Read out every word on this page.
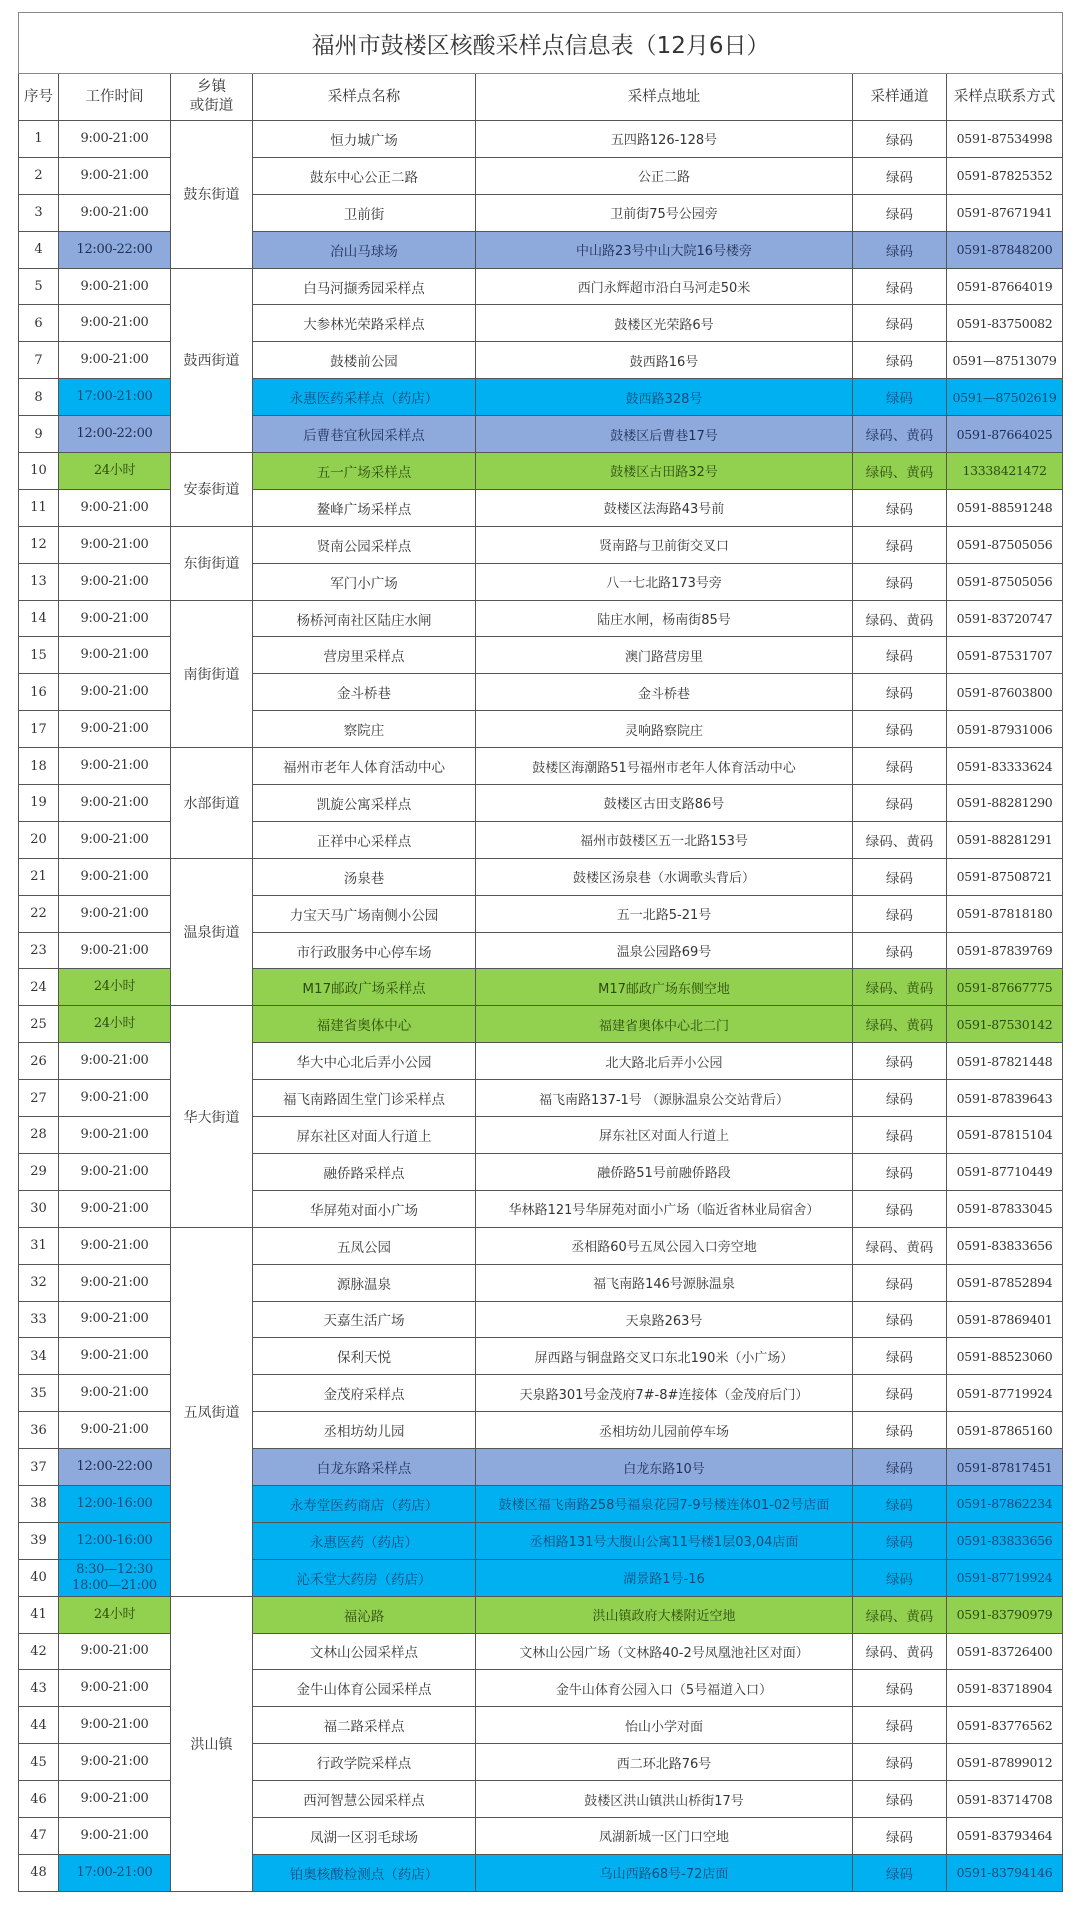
福州市鼓楼区核酸采样点信息表（12月6日）						
序号	工作时间	乡镇
或街道	采样点名称	采样点地址	采样通道	采样点联系方式
1	9:00-21:00	鼓东街道	恒力城广场	五四路126-128号	绿码	0591-87534998
2	9:00-21:00		鼓东中心公正二路	公正二路	绿码	0591-87825352
3	9:00-21:00		卫前街	卫前街75号公园旁	绿码	0591-87671941
4	12:00-22:00		冶山马球场	中山路23号中山大院16号楼旁	绿码	0591-87848200
5	9:00-21:00	鼓西街道	白马河撷秀园采样点	西门永辉超市沿白马河走50米	绿码	0591-87664019
6	9:00-21:00		大参林光荣路采样点	鼓楼区光荣路6号	绿码	0591-83750082
7	9:00-21:00		鼓楼前公园	鼓西路16号	绿码	0591—87513079
8	17:00-21:00		永惠医药采样点（药店）	鼓西路328号	绿码	0591—87502619
9	12:00-22:00		后曹巷宜秋园采样点	鼓楼区后曹巷17号	绿码、黄码	0591-87664025
10	24小时	安泰街道	五一广场采样点	鼓楼区古田路32号	绿码、黄码	13338421472
11	9:00-21:00		鳌峰广场采样点	鼓楼区法海路43号前	绿码	0591-88591248
12	9:00-21:00	东街街道	贤南公园采样点	贤南路与卫前街交叉口	绿码	0591-87505056
13	9:00-21:00		军门小广场	八一七北路173号旁	绿码	0591-87505056
14	9:00-21:00	南街街道	杨桥河南社区陆庄水闸	陆庄水闸，杨南街85号	绿码、黄码	0591-83720747
15	9:00-21:00		营房里采样点	澳门路营房里	绿码	0591-87531707
16	9:00-21:00		金斗桥巷	金斗桥巷	绿码	0591-87603800
17	9:00-21:00		察院庄	灵响路察院庄	绿码	0591-87931006
18	9:00-21:00	水部街道	福州市老年人体育活动中心	鼓楼区海潮路51号福州市老年人体育活动中心	绿码	0591-83333624
19	9:00-21:00		凯旋公寓采样点	鼓楼区古田支路86号	绿码	0591-88281290
20	9:00-21:00		正祥中心采样点	福州市鼓楼区五一北路153号	绿码、黄码	0591-88281291
21	9:00-21:00	温泉街道	汤泉巷	鼓楼区汤泉巷（水调歌头背后）	绿码	0591-87508721
22	9:00-21:00		力宝天马广场南侧小公园	五一北路5-21号	绿码	0591-87818180
23	9:00-21:00		市行政服务中心停车场	温泉公园路69号	绿码	0591-87839769
24	24小时		M17邮政广场采样点	M17邮政广场东侧空地	绿码、黄码	0591-87667775
25	24小时	华大街道	福建省奥体中心	福建省奥体中心北二门	绿码、黄码	0591-87530142
26	9:00-21:00		华大中心北后弄小公园	北大路北后弄小公园	绿码	0591-87821448
27	9:00-21:00		福飞南路固生堂门诊采样点	福飞南路137-1号 （源脉温泉公交站背后）	绿码	0591-87839643
28	9:00-21:00		屏东社区对面人行道上	屏东社区对面人行道上	绿码	0591-87815104
29	9:00-21:00		融侨路采样点	融侨路51号前融侨路段	绿码	0591-87710449
30	9:00-21:00		华屏苑对面小广场	华林路121号华屏苑对面小广场（临近省林业局宿舍）	绿码	0591-87833045
31	9:00-21:00	五凤街道	五凤公园	丞相路60号五凤公园入口旁空地	绿码、黄码	0591-83833656
32	9:00-21:00		源脉温泉	福飞南路146号源脉温泉	绿码	0591-87852894
33	9:00-21:00		天嘉生活广场	天泉路263号	绿码	0591-87869401
34	9:00-21:00		保利天悦	屏西路与铜盘路交叉口东北190米（小广场）	绿码	0591-88523060
35	9:00-21:00		金茂府采样点	天泉路301号金茂府7#-8#连接体（金茂府后门）	绿码	0591-87719924
36	9:00-21:00		丞相坊幼儿园	丞相坊幼儿园前停车场	绿码	0591-87865160
37	12:00-22:00		白龙东路采样点	白龙东路10号	绿码	0591-87817451
38	12:00-16:00		永寿堂医药商店（药店）	鼓楼区福飞南路258号福泉花园7-9号楼连体01-02号店面	绿码	0591-87862234
39	12:00-16:00		永惠医药（药店）	丞相路131号大腹山公寓11号楼1层03,04店面	绿码	0591-83833656
40	8:30—12:30
18:00—21:00		沁禾堂大药房（药店）	湖景路1号-16	绿码	0591-87719924
41	24小时	洪山镇	福沁路	洪山镇政府大楼附近空地	绿码、黄码	0591-83790979
42	9:00-21:00		文林山公园采样点	文林山公园广场（文林路40-2号凤凰池社区对面）	绿码、黄码	0591-83726400
43	9:00-21:00		金牛山体育公园采样点	金牛山体育公园入口（5号福道入口）	绿码	0591-83718904
44	9:00-21:00		福二路采样点	怡山小学对面	绿码	0591-83776562
45	9:00-21:00		行政学院采样点	西二环北路76号	绿码	0591-87899012
46	9:00-21:00		西河智慧公园采样点	鼓楼区洪山镇洪山桥街17号	绿码	0591-83714708
47	9:00-21:00		凤湖一区羽毛球场	凤湖新城一区门口空地	绿码	0591-83793464
48	17:00-21:00		铂奥核酸检测点（药店）	乌山西路68号-72店面	绿码	0591-83794146
